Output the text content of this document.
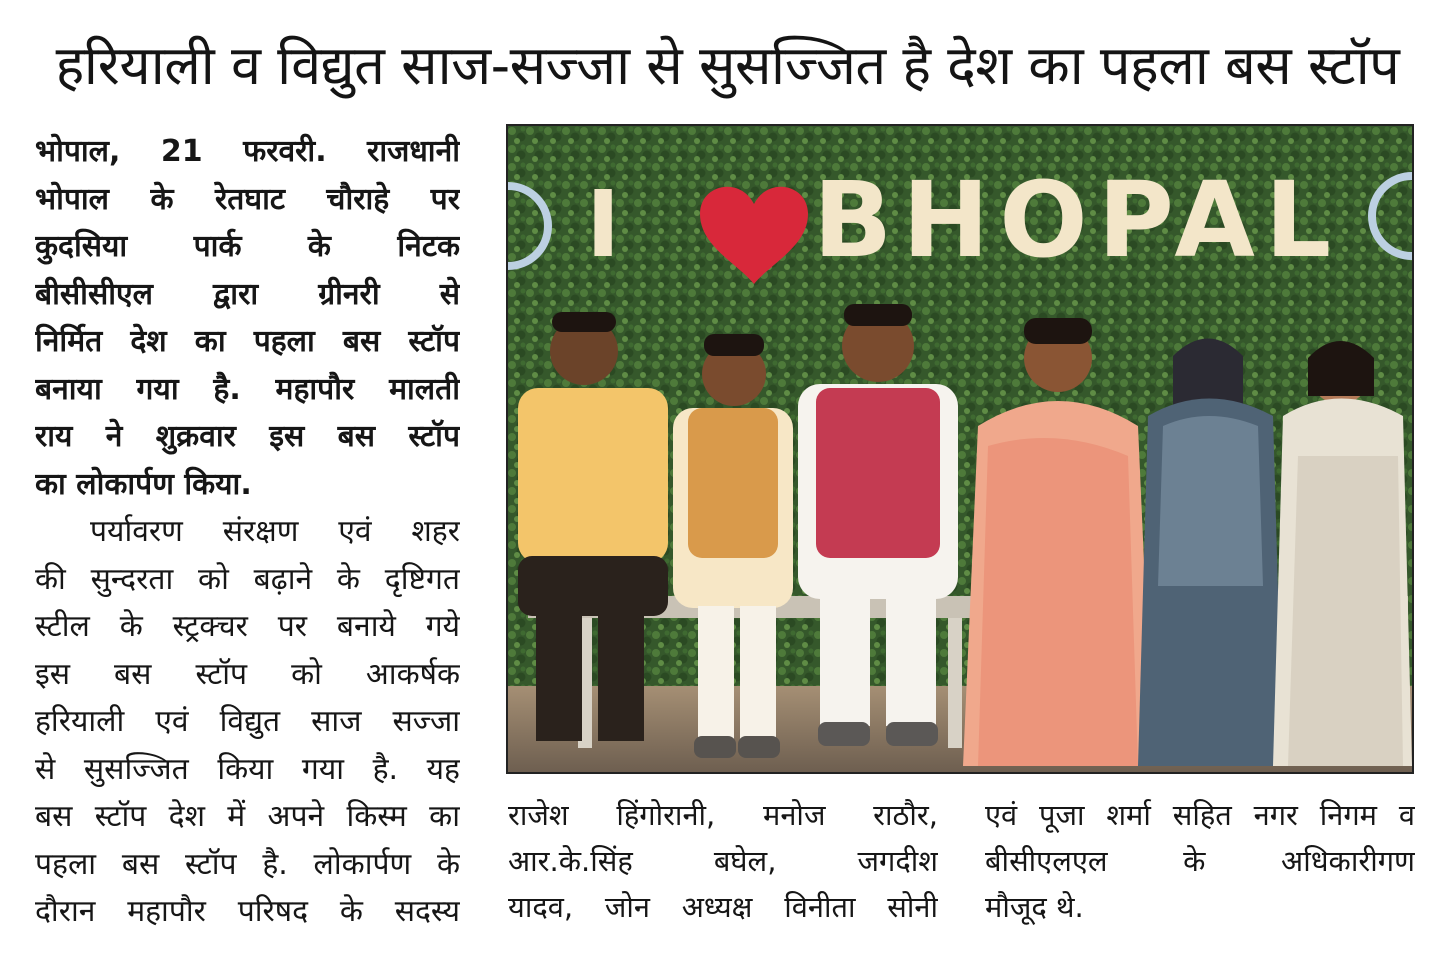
हरियाली व विद्युत साज-सज्जा से सुसज्जित है देश का पहला बस स्टॉप

भोपाल, 21 फरवरी. राजधानी
भोपाल के रेतघाट चौराहे पर
कुदसिया पार्क के निटक
बीसीसीएल द्वारा ग्रीनरी से
निर्मित देश का पहला बस स्टॉप
बनाया गया है. महापौर मालती
राय ने शुक्रवार इस बस स्टॉप
का लोकार्पण किया.

पर्यावरण संरक्षण एवं शहर
की सुन्दरता को बढ़ाने के दृष्टिगत
स्टील के स्ट्रक्चर पर बनाये गये
इस बस स्टॉप को आकर्षक
हरियाली एवं विद्युत साज सज्जा
से सुसज्जित किया गया है. यह
बस स्टॉप देश में अपने किस्म का
पहला बस स्टॉप है. लोकार्पण के
दौरान महापौर परिषद के सदस्य

I BHOPAL
राजेश हिंगोरानी, मनोज राठौर,
आर.के.सिंह बघेल, जगदीश
यादव, जोन अध्यक्ष विनीता सोनी
एवं पूजा शर्मा सहित नगर निगम व
बीसीएलएल के अधिकारीगण
मौजूद थे.
